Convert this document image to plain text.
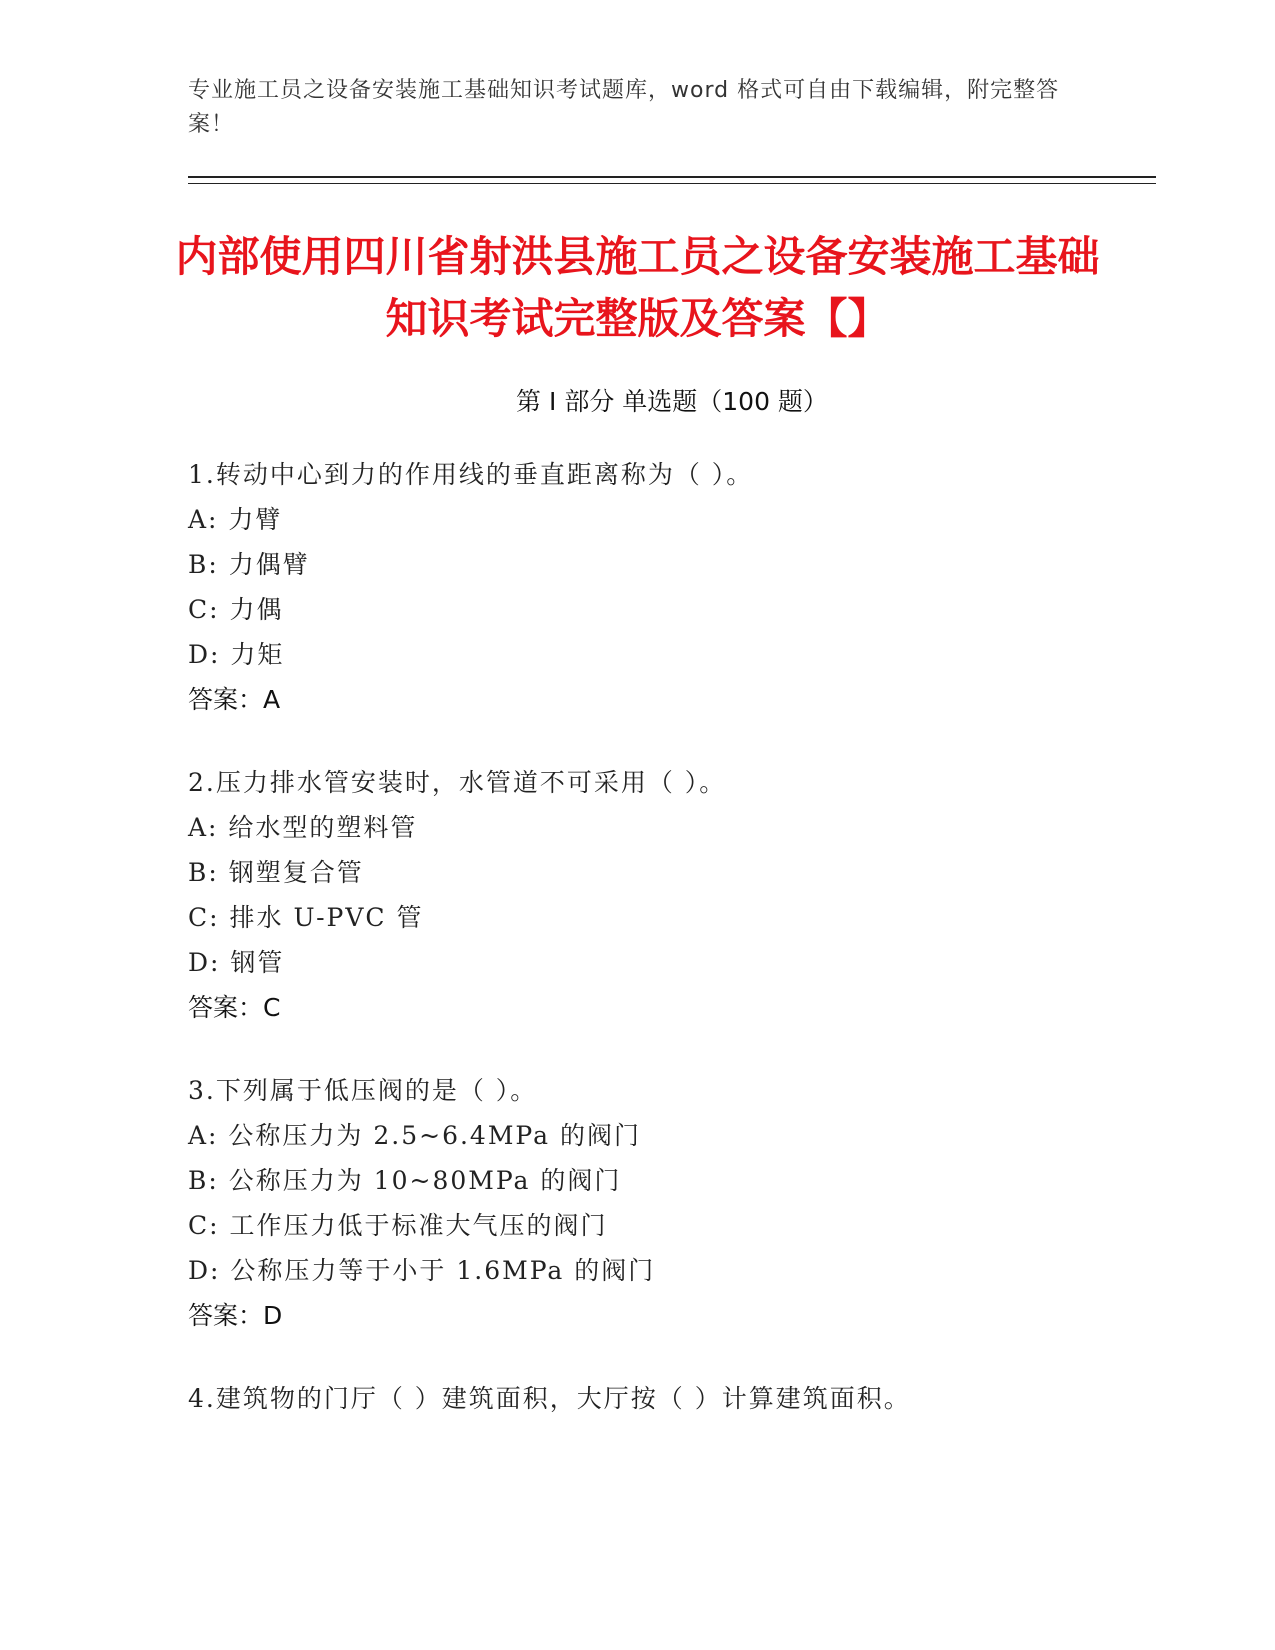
专业施工员之设备安装施工基础知识考试题库，word 格式可自由下载编辑，附完整答案！
内部使用四川省射洪县施工员之设备安装施工基础知识考试完整版及答案【】
第 I 部分 单选题（100 题）
1.转动中心到力的作用线的垂直距离称为（ ）。
A: 力臂
B: 力偶臂
C: 力偶
D: 力矩
答案：A
2.压力排水管安装时，水管道不可采用（ ）。
A: 给水型的塑料管
B: 钢塑复合管
C: 排水 U-PVC 管
D: 钢管
答案：C
3.下列属于低压阀的是（ ）。
A: 公称压力为 2.5~6.4MPa 的阀门
B: 公称压力为 10~80MPa 的阀门
C: 工作压力低于标准大气压的阀门
D: 公称压力等于小于 1.6MPa 的阀门
答案：D
4.建筑物的门厅（ ）建筑面积，大厅按（ ）计算建筑面积。
